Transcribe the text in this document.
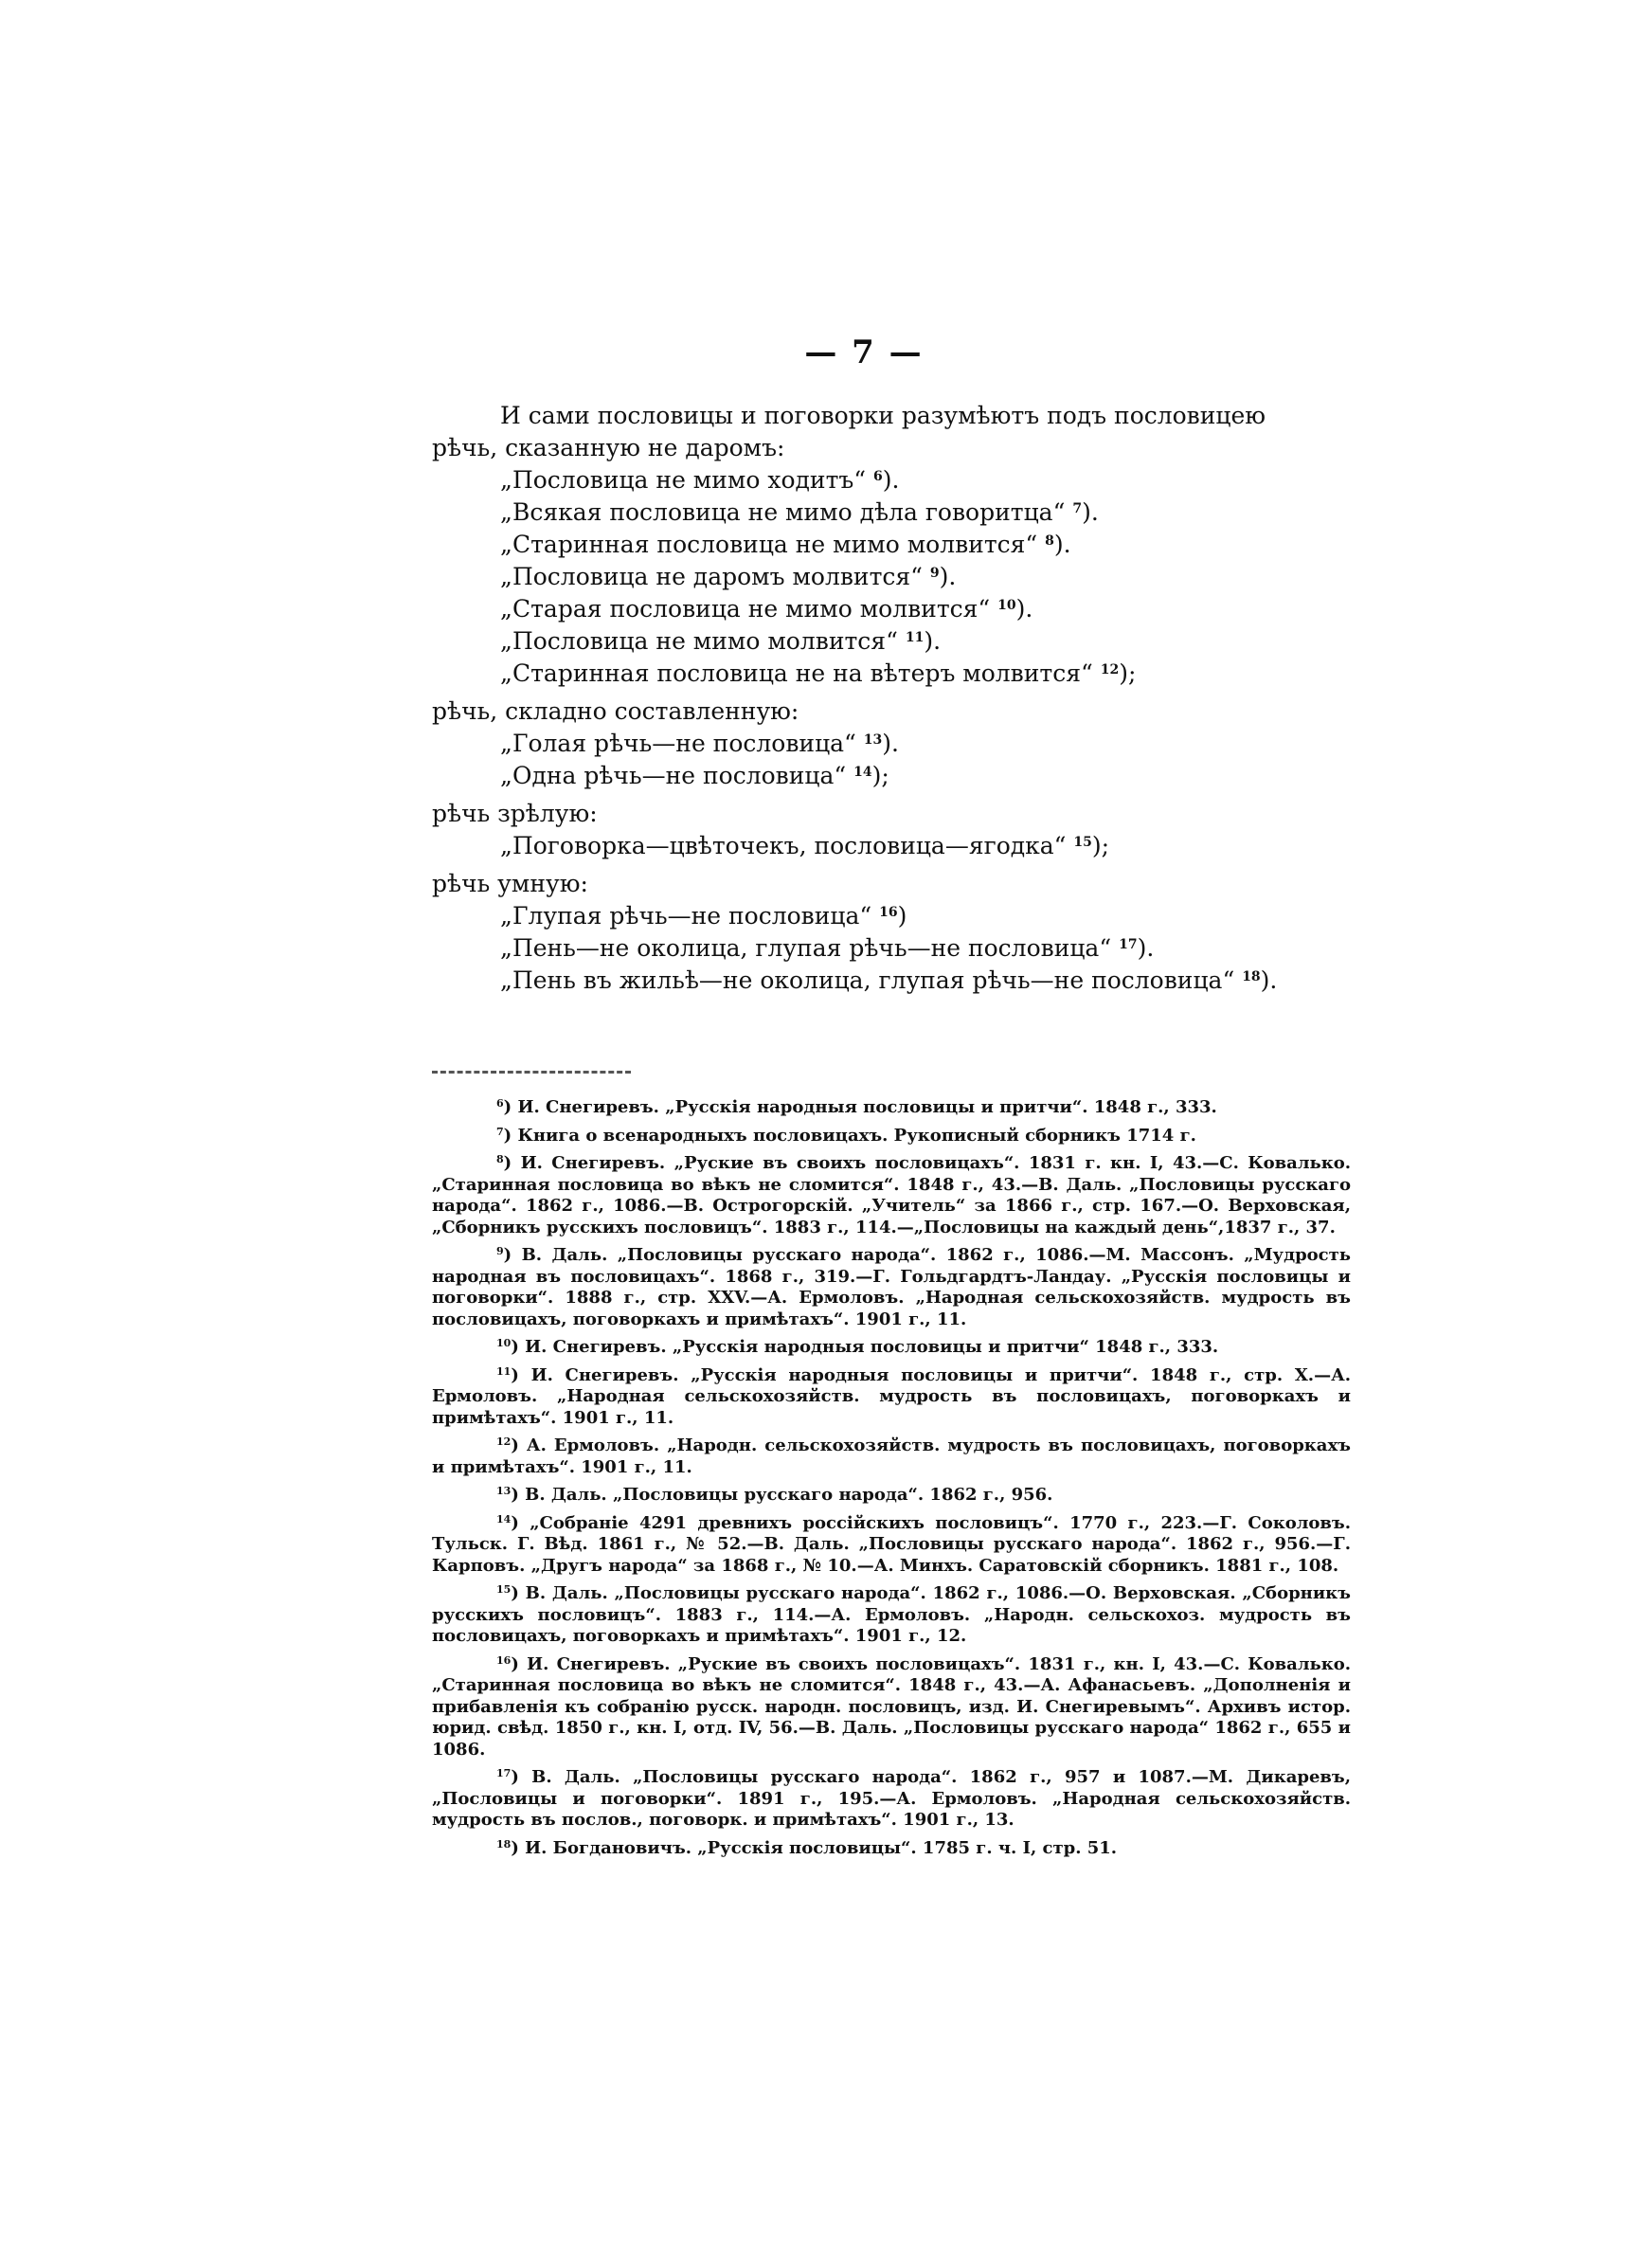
— 7 —
И сами пословицы и поговорки разумѣютъ подъ пословицею
рѣчь, сказанную не даромъ:
„Пословица не мимо ходитъ“ $^6$).
„Всякая пословица не мимо дѣла говоритца“ $^7$).
„Старинная пословица не мимо молвится“ $^8$).
„Пословица не даромъ молвится“ $^9$).
„Старая пословица не мимо молвится“ $^{10}$).
„Пословица не мимо молвится“ $^{11}$).
„Старинная пословица не на вѣтеръ молвится“ $^{12}$);
рѣчь, складно составленную:
„Голая рѣчь—не пословица“ $^{13}$).
„Одна рѣчь—не пословица“ $^{14}$);
рѣчь зрѣлую:
„Поговорка—цвѣточекъ, пословица—ягодка“ $^{15}$);
рѣчь умную:
„Глупая рѣчь—не пословица“ $^{16}$)
„Пень—не околица, глупая рѣчь—не пословица“ $^{17}$).
„Пень въ жильѣ—не околица, глупая рѣчь—не пословица“ $^{18}$).
$^6$) И. Снегиревъ. „Русскія народныя пословицы и притчи“. 1848 г., 333.
$^7$) Книга о всенародныхъ пословицахъ. Рукописный сборникъ 1714 г.
$^8$) И. Снегиревъ. „Руские въ своихъ пословицахъ“. 1831 г. кн. I, 43.—С. Ковалько. „Старинная пословица во вѣкъ не сломится“. 1848 г., 43.—В. Даль. „Пословицы русскаго народа“. 1862 г., 1086.—В. Острогорскій. „Учитель“ за 1866 г., стр. 167.—О. Верховская, „Сборникъ русскихъ пословицъ“. 1883 г., 114.—„Пословицы на каждый день“,1837 г., 37.
$^9$) В. Даль. „Пословицы русскаго народа“. 1862 г., 1086.—М. Массонъ. „Мудрость народная въ пословицахъ“. 1868 г., 319.—Г. Гольдгардтъ-Ландау. „Русскія пословицы и поговорки“. 1888 г., стр. XXV.—А. Ермоловъ. „Народная сельскохозяйств. мудрость въ пословицахъ, поговоркахъ и примѣтахъ“. 1901 г., 11.
$^{10}$) И. Снегиревъ. „Русскія народныя пословицы и притчи“ 1848 г., 333.
$^{11}$) И. Снегиревъ. „Русскія народныя пословицы и притчи“. 1848 г., стр. X.—А. Ермоловъ. „Народная сельскохозяйств. мудрость въ пословицахъ, поговоркахъ и примѣтахъ“. 1901 г., 11.
$^{12}$) А. Ермоловъ. „Народн. сельскохозяйств. мудрость въ пословицахъ, поговоркахъ и примѣтахъ“. 1901 г., 11.
$^{13}$) В. Даль. „Пословицы русскаго народа“. 1862 г., 956.
$^{14}$) „Собраніе 4291 древнихъ россійскихъ пословицъ“. 1770 г., 223.—Г. Соколовъ. Тульск. Г. Вѣд. 1861 г., № 52.—В. Даль. „Пословицы русскаго народа“. 1862 г., 956.—Г. Карповъ. „Другъ народа“ за 1868 г., № 10.—А. Минхъ. Саратовскій сборникъ. 1881 г., 108.
$^{15}$) В. Даль. „Пословицы русскаго народа“. 1862 г., 1086.—О. Верховская. „Сборникъ русскихъ пословицъ“. 1883 г., 114.—А. Ермоловъ. „Народн. сельскохоз. мудрость въ пословицахъ, поговоркахъ и примѣтахъ“. 1901 г., 12.
$^{16}$) И. Снегиревъ. „Руские въ своихъ пословицахъ“. 1831 г., кн. I, 43.—С. Ковалько. „Старинная пословица во вѣкъ не сломится“. 1848 г., 43.—А. Афанасьевъ. „Дополненія и прибавленія къ собранію русск. народн. пословицъ, изд. И. Снегиревымъ“. Архивъ истор. юрид. свѣд. 1850 г., кн. I, отд. IV, 56.—В. Даль. „Пословицы русскаго народа“ 1862 г., 655 и 1086.
$^{17}$) В. Даль. „Пословицы русскаго народа“. 1862 г., 957 и 1087.—М. Дикаревъ, „Пословицы и поговорки“. 1891 г., 195.—А. Ермоловъ. „Народная сельскохозяйств. мудрость въ послов., поговорк. и примѣтахъ“. 1901 г., 13.
$^{18}$) И. Богдановичъ. „Русскія пословицы“. 1785 г. ч. I, стр. 51.
